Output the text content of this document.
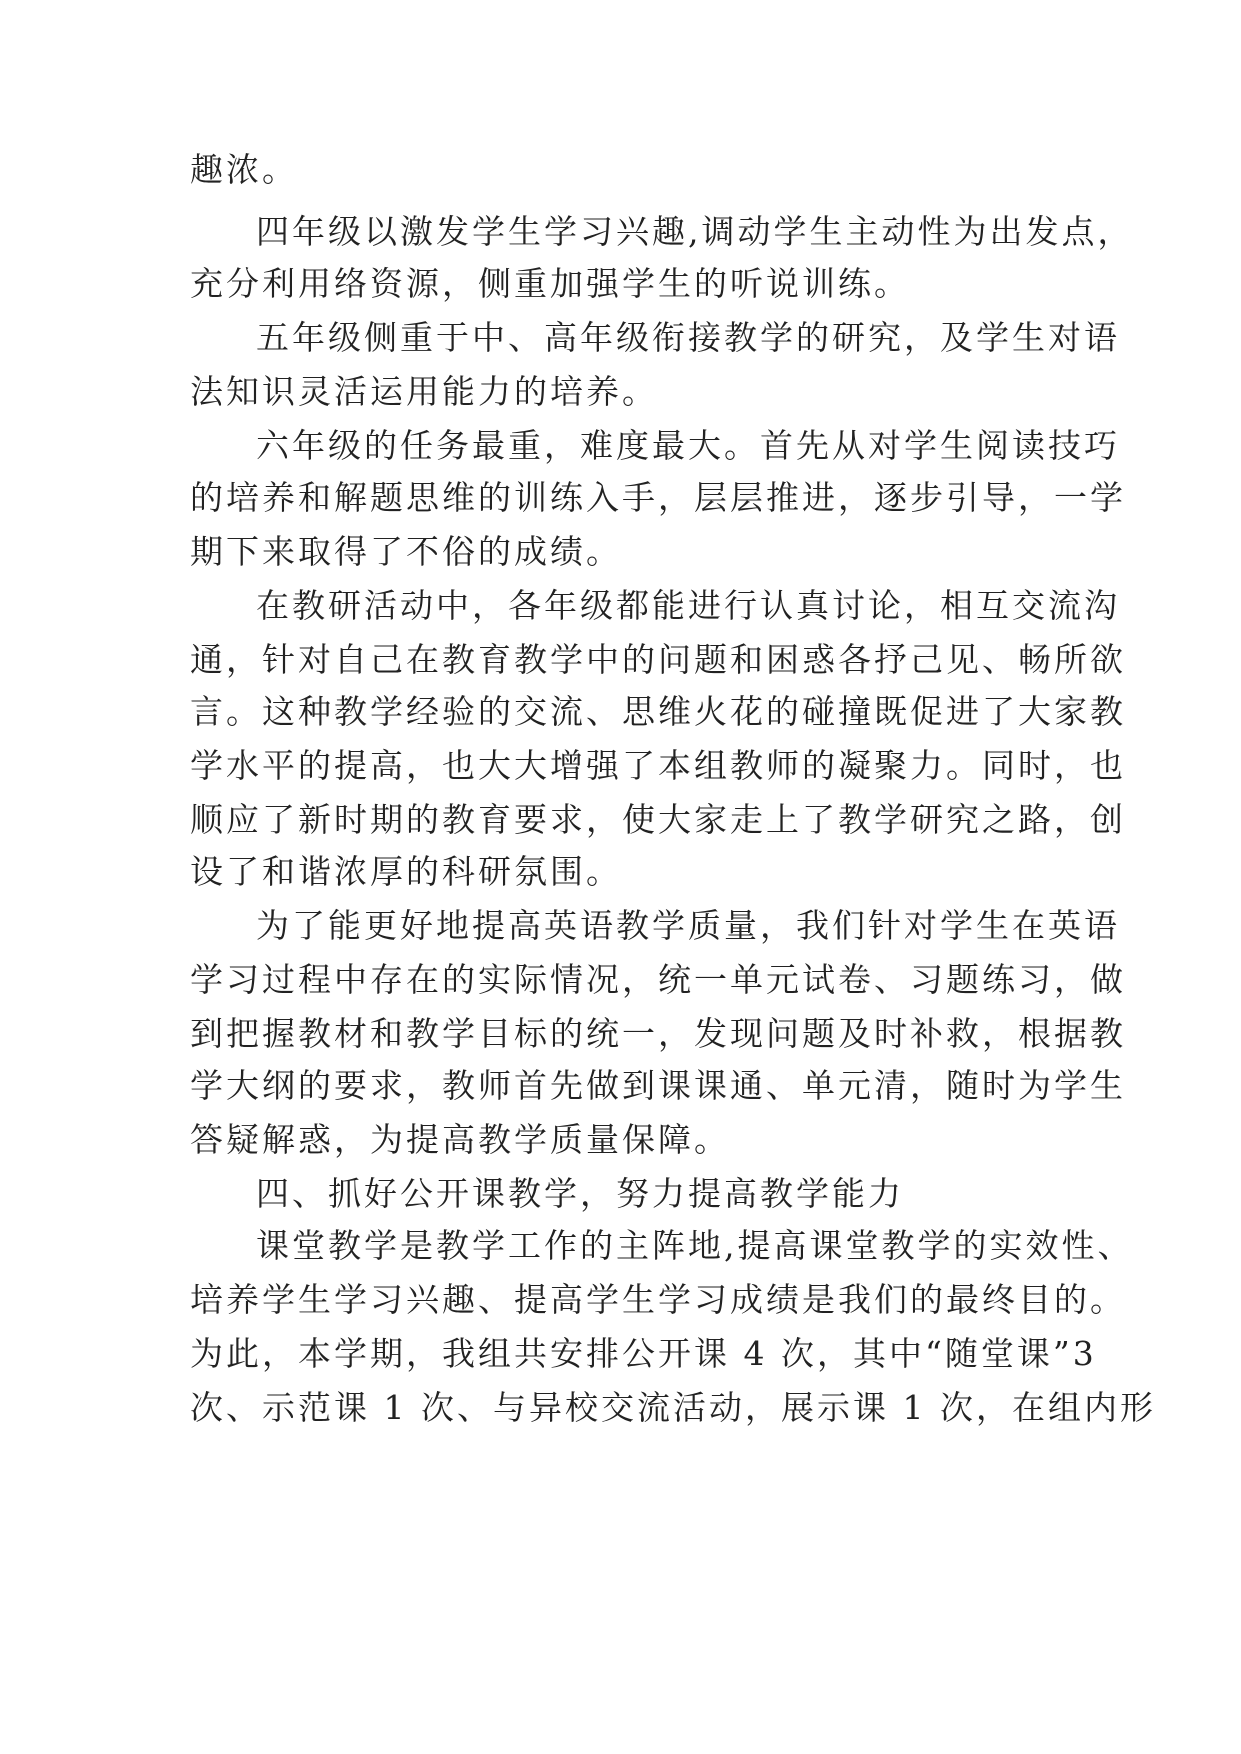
趣浓。
四年级以激发学生学习兴趣,调动学生主动性为出发点，
充分利用络资源，侧重加强学生的听说训练。
五年级侧重于中、高年级衔接教学的研究，及学生对语
法知识灵活运用能力的培养。
六年级的任务最重，难度最大。首先从对学生阅读技巧
的培养和解题思维的训练入手，层层推进，逐步引导，一学
期下来取得了不俗的成绩。
在教研活动中，各年级都能进行认真讨论，相互交流沟
通，针对自己在教育教学中的问题和困惑各抒己见、畅所欲
言。这种教学经验的交流、思维火花的碰撞既促进了大家教
学水平的提高，也大大增强了本组教师的凝聚力。同时，也
顺应了新时期的教育要求，使大家走上了教学研究之路，创
设了和谐浓厚的科研氛围。
为了能更好地提高英语教学质量，我们针对学生在英语
学习过程中存在的实际情况，统一单元试卷、习题练习，做
到把握教材和教学目标的统一，发现问题及时补救，根据教
学大纲的要求，教师首先做到课课通、单元清，随时为学生
答疑解惑，为提高教学质量保障。
四、抓好公开课教学，努力提高教学能力
课堂教学是教学工作的主阵地,提高课堂教学的实效性、
培养学生学习兴趣、提高学生学习成绩是我们的最终目的。
为此，本学期，我组共安排公开课 4 次，其中“随堂课”3
次、示范课 1 次、与异校交流活动，展示课 1 次，在组内形
